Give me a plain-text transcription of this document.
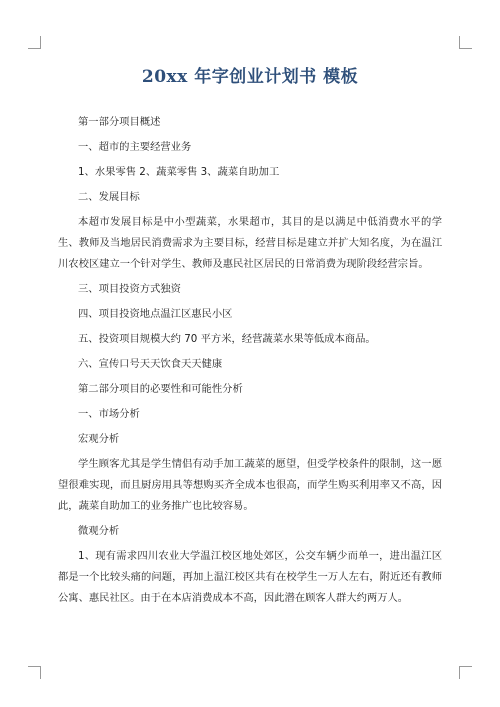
20xx 年字创业计划书 模板

第一部分项目概述

一、超市的主要经营业务

1、水果零售 2、蔬菜零售 3、蔬菜自助加工

二、发展目标

本超市发展目标是中小型蔬菜，水果超市，其目的是以满足中低消费水平的学生、教师及当地居民消费需求为主要目标，经营目标是建立并扩大知名度，为在温江川农校区建立一个针对学生、教师及惠民社区居民的日常消费为现阶段经营宗旨。

三、项目投资方式独资

四、项目投资地点温江区惠民小区

五、投资项目规模大约 70 平方米，经营蔬菜水果等低成本商品。

六、宣传口号天天饮食天天健康

第二部分项目的必要性和可能性分析

一、市场分析

宏观分析

学生顾客尤其是学生情侣有动手加工蔬菜的愿望，但受学校条件的限制，这一愿望很难实现，而且厨房用具等想购买齐全成本也很高，而学生购买利用率又不高，因此，蔬菜自助加工的业务推广也比较容易。

微观分析

1、现有需求四川农业大学温江校区地处郊区，公交车辆少而单一，进出温江区都是一个比较头痛的问题，再加上温江校区共有在校学生一万人左右，附近还有教师公寓、惠民社区。由于在本店消费成本不高，因此潜在顾客人群大约两万人。
